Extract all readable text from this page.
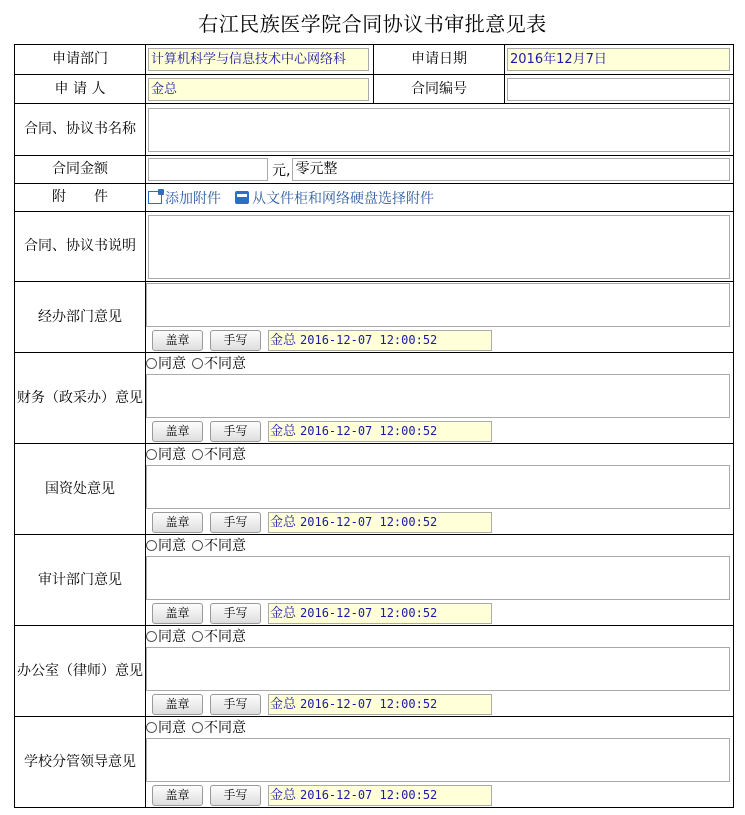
右江民族医学院合同协议书审批意见表
申请部门	计算机科学与信息技术中心网络科	申请日期	2016年12月7日

申 请 人	金总	合同编号	

合同、协议书名称			

合同金额	元, 零元整		

附　　件	添加附件 从文件柜和网络硬盘选择附件		

合同、协议书说明			

经办部门意见	盖章 手写 金总 2016-12-07 12:00:52		

财务（政采办）意见	同意 不同意
盖章 手写 金总 2016-12-07 12:00:52		

国资处意见	同意 不同意
盖章 手写 金总 2016-12-07 12:00:52		

审计部门意见	同意 不同意
盖章 手写 金总 2016-12-07 12:00:52		

办公室（律师）意见	同意 不同意
盖章 手写 金总 2016-12-07 12:00:52		

学校分管领导意见	同意 不同意
盖章 手写 金总 2016-12-07 12:00:52		
